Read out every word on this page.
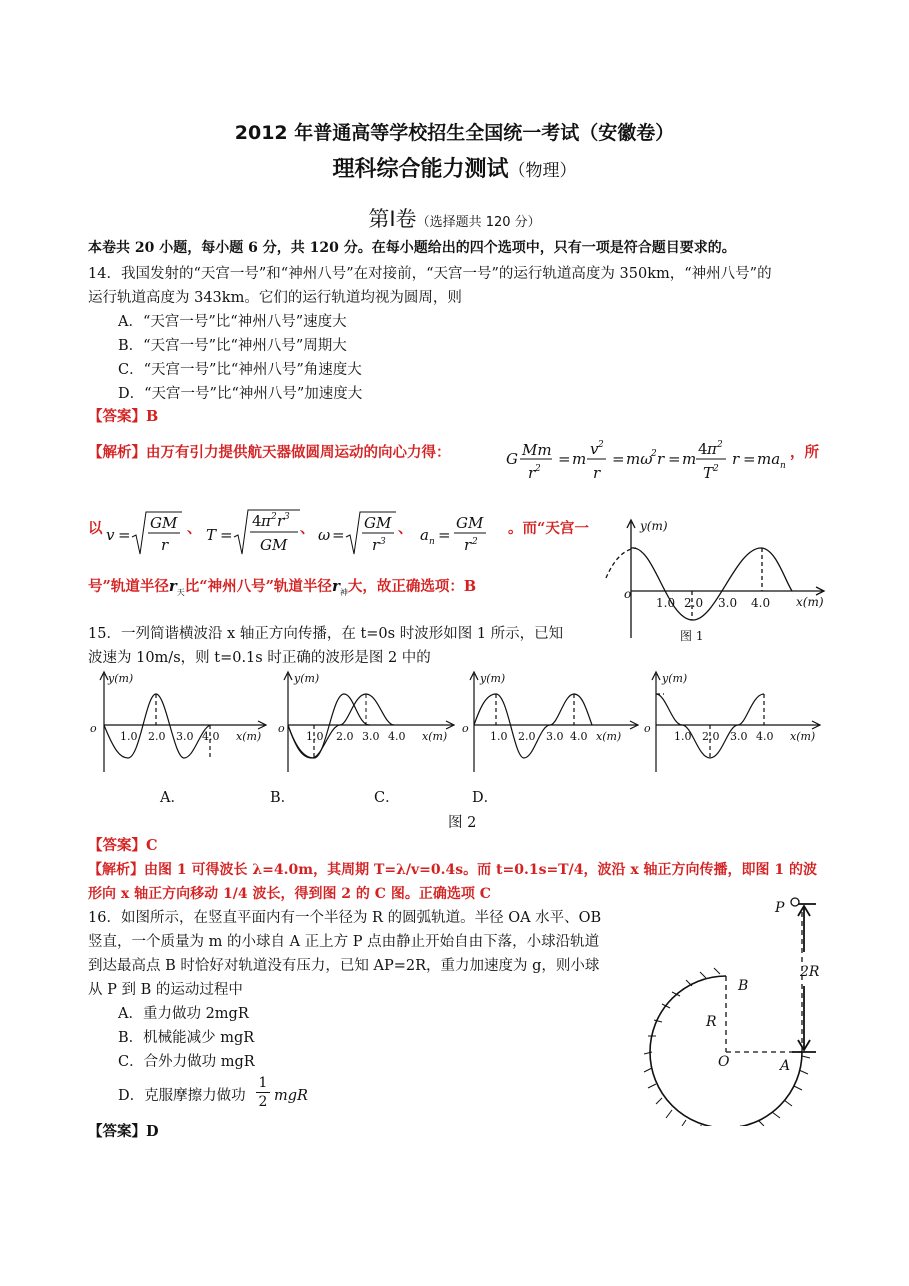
2012 年普通高等学校招生全国统一考试（安徽卷）
理科综合能力测试（物理）
第Ⅰ卷（选择题共 120 分）
本卷共 20 小题，每小题 6 分，共 120 分。在每小题给出的四个选项中，只有一项是符合题目要求的。
14．我国发射的“天宫一号”和“神州八号”在对接前，“天宫一号”的运行轨道高度为 350km，“神州八号”的
运行轨道高度为 343km。它们的运行轨道均视为圆周，则
A．“天宫一号”比“神州八号”速度大
B．“天宫一号”比“神州八号”周期大
C．“天宫一号”比“神州八号”角速度大
D．“天宫一号”比“神州八号”加速度大
【答案】B
【解析】由万有引力提供航天器做圆周运动的向心力得：	G Mm
r 2
= m
v 2
r
= mω
2 r = m
4 π 2
T 2
r = ma n
，所
以 v =
GM
r
T =
4 π 2 r 3
GM
ω =
GM
r 3 a n =
GM
r 2
、	、	、	。而“天宫一
号”轨道半径$r_天$比“神州八号”轨道半径$r_神$大，故正确选项：B
y(m)
o
1.0 2.0 3.0 4.0 x(m)
图 1
15．一列简谐横波沿 x 轴正方向传播，在 t=0s 时波形如图 1 所示，已知
波速为 10m/s，则 t=0.1s 时正确的波形是图 2 中的
y(m)
o
1.0 2.0 3.0 4.0 x(m)
y(m)
o
1.0 2.0 3.0 4.0 x(m)
y(m)
o
1.0 2.0 3.0 4.0 x(m)
y(m)
o
1.0 2.0 3.0 4.0 x(m)
A．	B．	C．	D．
图 2
【答案】C
【解析】由图 1 可得波长 λ=4.0m，其周期 T=λ/v=0.4s。而 t=0.1s=T/4，波沿 x 轴正方向传播，即图 1 的波
形向 x 轴正方向移动 1/4 波长，得到图 2 的 C 图。正确选项 C
16．如图所示，在竖直平面内有一个半径为 R 的圆弧轨道。半径 OA 水平、OB
竖直，一个质量为 m 的小球自 A 正上方 P 点由静止开始自由下落，小球沿轨道
到达最高点 B 时恰好对轨道没有压力，已知 AP=2R，重力加速度为 g，则小球
从 P 到 B 的运动过程中
A．重力做功 2mgR
B．机械能减少 mgR
C．合外力做功 mgR
D．克服摩擦力做功 $\frac{1}{2}$ mgR
【答案】D
P
B
R
2R
O	A
